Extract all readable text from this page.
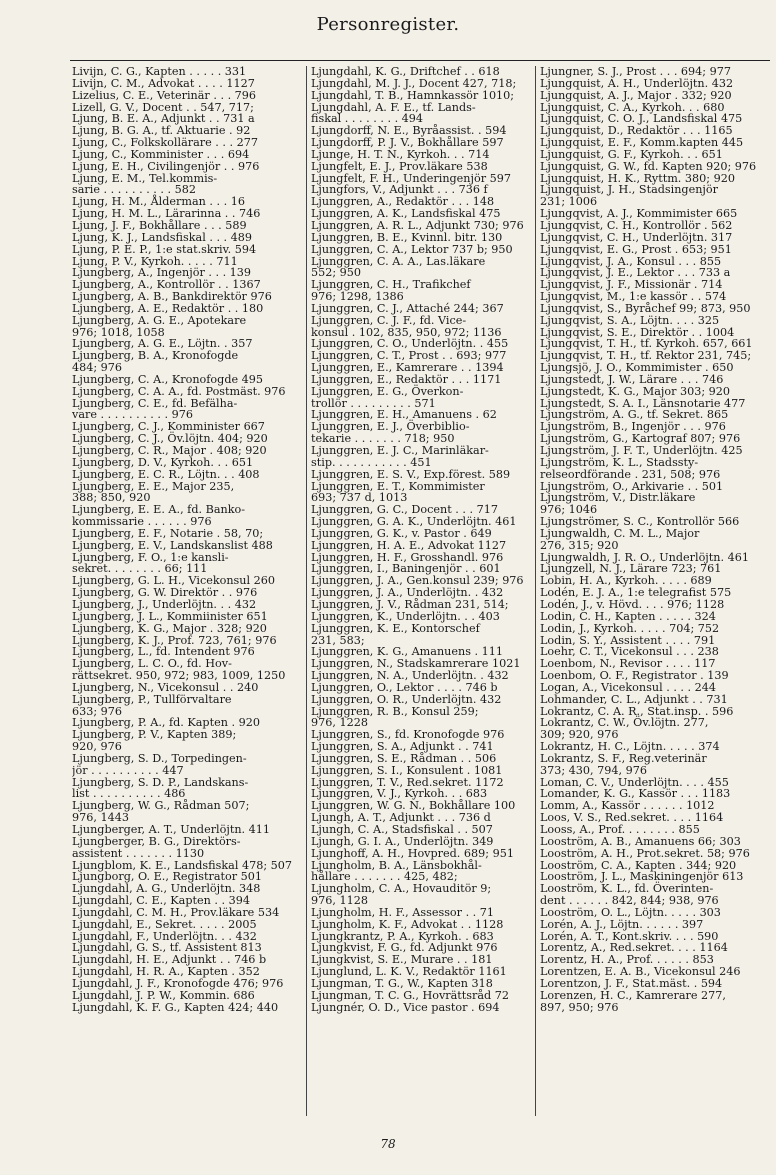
Personregister.
Livijn, C. G., Kapten . . . . . 331
Livijn, C. M., Advokat . . . . 1127
Lizelius, C. E., Veterinär . . . 796
Lizell, G. V., Docent . . 547, 717;
Ljung, B. E. A., Adjunkt . . 731 a
Ljung, B. G. A., tf. Aktuarie . 92
Ljung, C., Folkskollärare . . . 277
Ljung, C., Komminister . . . 694
Ljung, E. H., Civilingenjör . . 976
Ljung, E. M., Tel.kommis-
sarie . . . . . . . . . . 582
Ljung, H. M., Ålderman . . . 16
Ljung, H. M. L., Lärarinna . . 746
Ljung, J. F., Bokhållare . . . 589
Ljung, K. J., Landsfiskal . . . 489
Ljung, P. E. P., 1:e stat.skriv. 594
Ljung, P. V., Kyrkoh. . . . . 711
Ljungberg, A., Ingenjör . . . 139
Ljungberg, A., Kontrollör . . 1367
Ljungberg, A. B., Bankdirektör 976
Ljungberg, A. E., Redaktör . . 180
Ljungberg, A. G. E., Apotekare
976; 1018, 1058
Ljungberg, A. G. E., Löjtn. . 357
Ljungberg, B. A., Kronofogde
484; 976
Ljungberg, C. A., Kronofogde 495
Ljungberg, C. A. A., fd. Postmäst. 976
Ljungberg, C. E., fd. Befälha-
vare . . . . . . . . . . 976
Ljungberg, C. J., Komminister 667
Ljungberg, C. J., Öv.löjtn. 404; 920
Ljungberg, C. R., Major . 408; 920
Ljungberg, D. V., Kyrkoh. . . 651
Ljungberg, E. C. R., Löjtn. . . 408
Ljungberg, E. E., Major 235,
388; 850, 920
Ljungberg, E. E. A., fd. Banko-
kommissarie . . . . . . 976
Ljungberg, E. F., Notarie . 58, 70;
Ljungberg, E. V., Landskanslist 488
Ljungberg, F. O., 1:e kansli-
sekret. . . . . . . . 66; 111
Ljungberg, G. L. H., Vicekonsul 260
Ljungberg, G. W. Direktör . . 976
Ljungberg, J., Underlöjtn. . . 432
Ljungberg, J. L., Kommiinister 651
Ljungberg, K. G., Major . 328; 920
Ljungberg, K. J., Prof. 723, 761; 976
Ljungberg, L., fd. Intendent 976
Ljungberg, L. C. O., fd. Hov-
rättsekret. 950, 972; 983, 1009, 1250
Ljungberg, N., Vicekonsul . . 240
Ljungberg, P., Tullförvaltare
633; 976
Ljungberg, P. A., fd. Kapten . 920
Ljungberg, P. V., Kapten 389;
920, 976
Ljungberg, S. D., Torpedingen-
jör . . . . . . . . . . 447
Ljungberg, S. D. P., Landskans-
list . . . . . . . . . . 486
Ljungberg, W. G., Rådman 507;
976, 1443
Ljungberger, A. T., Underlöjtn. 411
Ljungberger, B. G., Direktörs-
assistent . . . . . . . 1130
Ljungblom, K. E., Landsfiskal 478; 507
Ljungborg, O. E., Registrator 501
Ljungdahl, A. G., Underlöjtn. 348
Ljungdahl, C. E., Kapten . . 394
Ljungdahl, C. M. H., Prov.läkare 534
Ljungdahl, E., Sekret. . . . . 2005
Ljungdahl, F., Underlöjtn. . . 432
Ljungdahl, G. S., tf. Assistent 813
Ljungdahl, H. E., Adjunkt . . 746 b
Ljungdahl, H. R. A., Kapten . 352
Ljungdahl, J. F., Kronofogde 476; 976
Ljungdahl, J. P. W., Kommin. 686
Ljungdahl, K. F. G., Kapten 424; 440
Ljungdahl, K. G., Driftchef . . 618
Ljungdahl, M. J. J., Docent 427, 718;
Ljungdahl, T. B., Hamnkassör 1010;
Ljungdahl, A. F. E., tf. Lands-
fiskal . . . . . . . . 494
Ljungdorff, N. E., Byråassist. . 594
Ljungdorff, P. J. V., Bokhållare 597
Ljunge, H. T. N., Kyrkoh. . . 714
Ljungfelt, E. J., Prov.läkare 538
Ljungfelt, F. H., Underingenjör 597
Ljungfors, V., Adjunkt . . . 736 f
Ljunggren, A., Redaktör . . . 148
Ljunggren, A. K., Landsfiskal 475
Ljunggren, A. R. L., Adjunkt 730; 976
Ljunggren, B. E., Kvinnl. bitr. 130
Ljunggren, C. A., Lektor 737 b; 950
Ljunggren, C. A. A., Las.läkare
552; 950
Ljunggren, C. H., Trafikchef
976; 1298, 1386
Ljunggren, C. J., Attaché 244; 367
Ljunggren, C. J. F., fd. Vice-
konsul . 102, 835, 950, 972; 1136
Ljunggren, C. O., Underlöjtn. . 455
Ljunggren, C. T., Prost . . 693; 977
Ljunggren, E., Kamrerare . . 1394
Ljunggren, E., Redaktör . . . 1171
Ljunggren, E. G., Överkon-
trollör . . . . . . . . . 571
Ljunggren, E. H., Amanuens . 62
Ljunggren, E. J., Överbiblio-
tekarie . . . . . . . 718; 950
Ljunggren, E. J. C., Marinläkar-
stip. . . . . . . . . . . 451
Ljunggren, E. S. V., Exp.förest. 589
Ljunggren, E. T., Kommimister
693; 737 d, 1013
Ljunggren, G. C., Docent . . . 717
Ljunggren, G. A. K., Underlöjtn. 461
Ljunggren, G. K., v. Pastor . 649
Ljunggren, H. A. E., Advokat 1127
Ljunggren, H. F., Grosshandl. 976
Ljunggren, I., Baningenjör . . 601
Ljunggren, J. A., Gen.konsul 239; 976
Ljunggren, J. A., Underlöjtn. . 432
Ljunggren, J. V., Rådman 231, 514;
Ljunggren, K., Underlöjtn. . . 403
Ljunggren, K. E., Kontorschef
231, 583;
Ljunggren, K. G., Amanuens . 111
Ljunggren, N., Stadskamrerare 1021
Ljunggren, N. A., Underlöjtn. . 432
Ljunggren, O., Lektor . . . . 746 b
Ljunggren, O. R., Underlöjtn. 432
Ljunggren, R. B., Konsul 259;
976, 1228
Ljunggren, S., fd. Kronofogde 976
Ljunggren, S. A., Adjunkt . . 741
Ljunggren, S. E., Rådman . . 506
Ljunggren, S. I., Konsulent . 1081
Ljunggren, T. V., Red.sekret. 1172
Ljunggren, V. J., Kyrkoh. . . 683
Ljunggren, W. G. N., Bokhållare 100
Ljungh, A. T., Adjunkt . . . 736 d
Ljungh, C. A., Stadsfiskal . . 507
Ljungh, G. I. A., Underlöjtn. 349
Ljunghoff, A. H., Hovpred. 689; 951
Ljungholm, B. A., Länsbokhål-
hållare . . . . . . . 425, 482;
Ljungholm, C. A., Hovauditör 9;
976, 1128
Ljungholm, H. F., Assessor . . 71
Ljungholm, K. F., Advokat . . 1128
Ljungkrantz, P. A., Kyrkoh. . 683
Ljungkvist, F. G., fd. Adjunkt 976
Ljungkvist, S. E., Murare . . 181
Ljunglund, L. K. V., Redaktör 1161
Ljungman, T. G., W., Kapten 318
Ljungman, T. C. G., Hovrättsråd 72
Ljungnér, O. D., Vice pastor . 694
Ljungner, S. J., Prost . . . 694; 977
Ljungquist, A. H., Underlöjtn. 432
Ljungquist, A. J., Major . 332; 920
Ljungquist, C. A., Kyrkoh. . . 680
Ljungquist, C. O. J., Landsfiskal 475
Ljungquist, D., Redaktör . . . 1165
Ljungquist, E. F., Komm.kapten 445
Ljungquist, G. F., Kyrkoh. . . 651
Ljungquist, G. W., fd. Kapten 920; 976
Ljungquist, H. K., Ryttm. 380; 920
Ljungquist, J. H., Stadsingenjör
231; 1006
Ljungqvist, A. J., Kommimister 665
Ljungqvist, C. H., Kontrollör . 562
Ljungqvist, C. H., Underlöjtn. 317
Ljungqvist, E. G., Prost . 653; 951
Ljungqvist, J. A., Konsul . . . 855
Ljungqvist, J. E., Lektor . . . 733 a
Ljungqvist, J. F., Missionär . 714
Ljungqvist, M., 1:e kassör . . 574
Ljungqvist, S., Byråchef 99; 873, 950
Ljungqvist, S. A., Löjtn. . . . 325
Ljungqvist, S. E., Direktör . . 1004
Ljungqvist, T. H., tf. Kyrkoh. 657, 661
Ljungqvist, T. H., tf. Rektor 231, 745;
Ljungsjö, J. O., Kommimister . 650
Ljungstedt, J. W., Lärare . . . 746
Ljungstedt, K. G., Major 303; 920
Ljungstedt, S. A. I., Länsnotarie 477
Ljungström, A. G., tf. Sekret. 865
Ljungström, B., Ingenjör . . . 976
Ljungström, G., Kartograf 807; 976
Ljungström, J. F. T., Underlöjtn. 425
Ljungström, K. L., Stadssty-
relseordförande . 231, 508; 976
Ljungström, O., Arkivarie . . 501
Ljungström, V., Distr.läkare
976; 1046
Ljungströmer, S. C., Kontrollör 566
Ljungwaldh, C. M. L., Major
276, 315; 920
Ljungwaldh, J. R. O., Underlöjtn. 461
Ljungzell, N. J., Lärare 723; 761
Lobin, H. A., Kyrkoh. . . . . 689
Lodén, E. J. A., 1:e telegrafist 575
Lodén, J., v. Hövd. . . . 976; 1128
Lodin, C. H., Kapten . . . . . 324
Lodin, J., Kyrkoh. . . . . 704; 752
Lodin, S. Y., Assistent . . . . 791
Loehr, C. T., Vicekonsul . . . 238
Loenbom, N., Revisor . . . . 117
Loenbom, O. F., Registrator . 139
Logan, A., Vicekonsul . . . . 244
Lohmander, C. L., Adjunkt . . 731
Lokrantz, C. A. R., Stat.insp. . 596
Lokrantz, C. W., Öv.löjtn. 277,
309; 920, 976
Lokrantz, H. C., Löjtn. . . . . 374
Lokrantz, S. F., Reg.veterinär
373; 430, 794, 976
Loman, C. V., Underlöjtn. . . . 455
Lomander, K. G., Kassör . . . 1183
Lomm, A., Kassör . . . . . . 1012
Loos, V. S., Red.sekret. . . . 1164
Looss, A., Prof. . . . . . . . 855
Looström, A. B., Amanuens 66; 303
Looström, A. H., Prot.sekret. 58; 976
Looström, C. A., Kapten . 344; 920
Looström, J. L., Maskiningenjör 613
Looström, K. L., fd. Överinten-
dent . . . . . . 842, 844; 938, 976
Looström, O. L., Löjtn. . . . . 303
Lorén, A. J., Löjtn. . . . . . 397
Lorén, A. T., Kont.skriv. . . . 590
Lorentz, A., Red.sekret. . . . 1164
Lorentz, H. A., Prof. . . . . . 853
Lorentzen, E. A. B., Vicekonsul 246
Lorentzon, J. F., Stat.mäst. . 594
Lorenzen, H. C., Kamrerare 277,
897, 950; 976
78
